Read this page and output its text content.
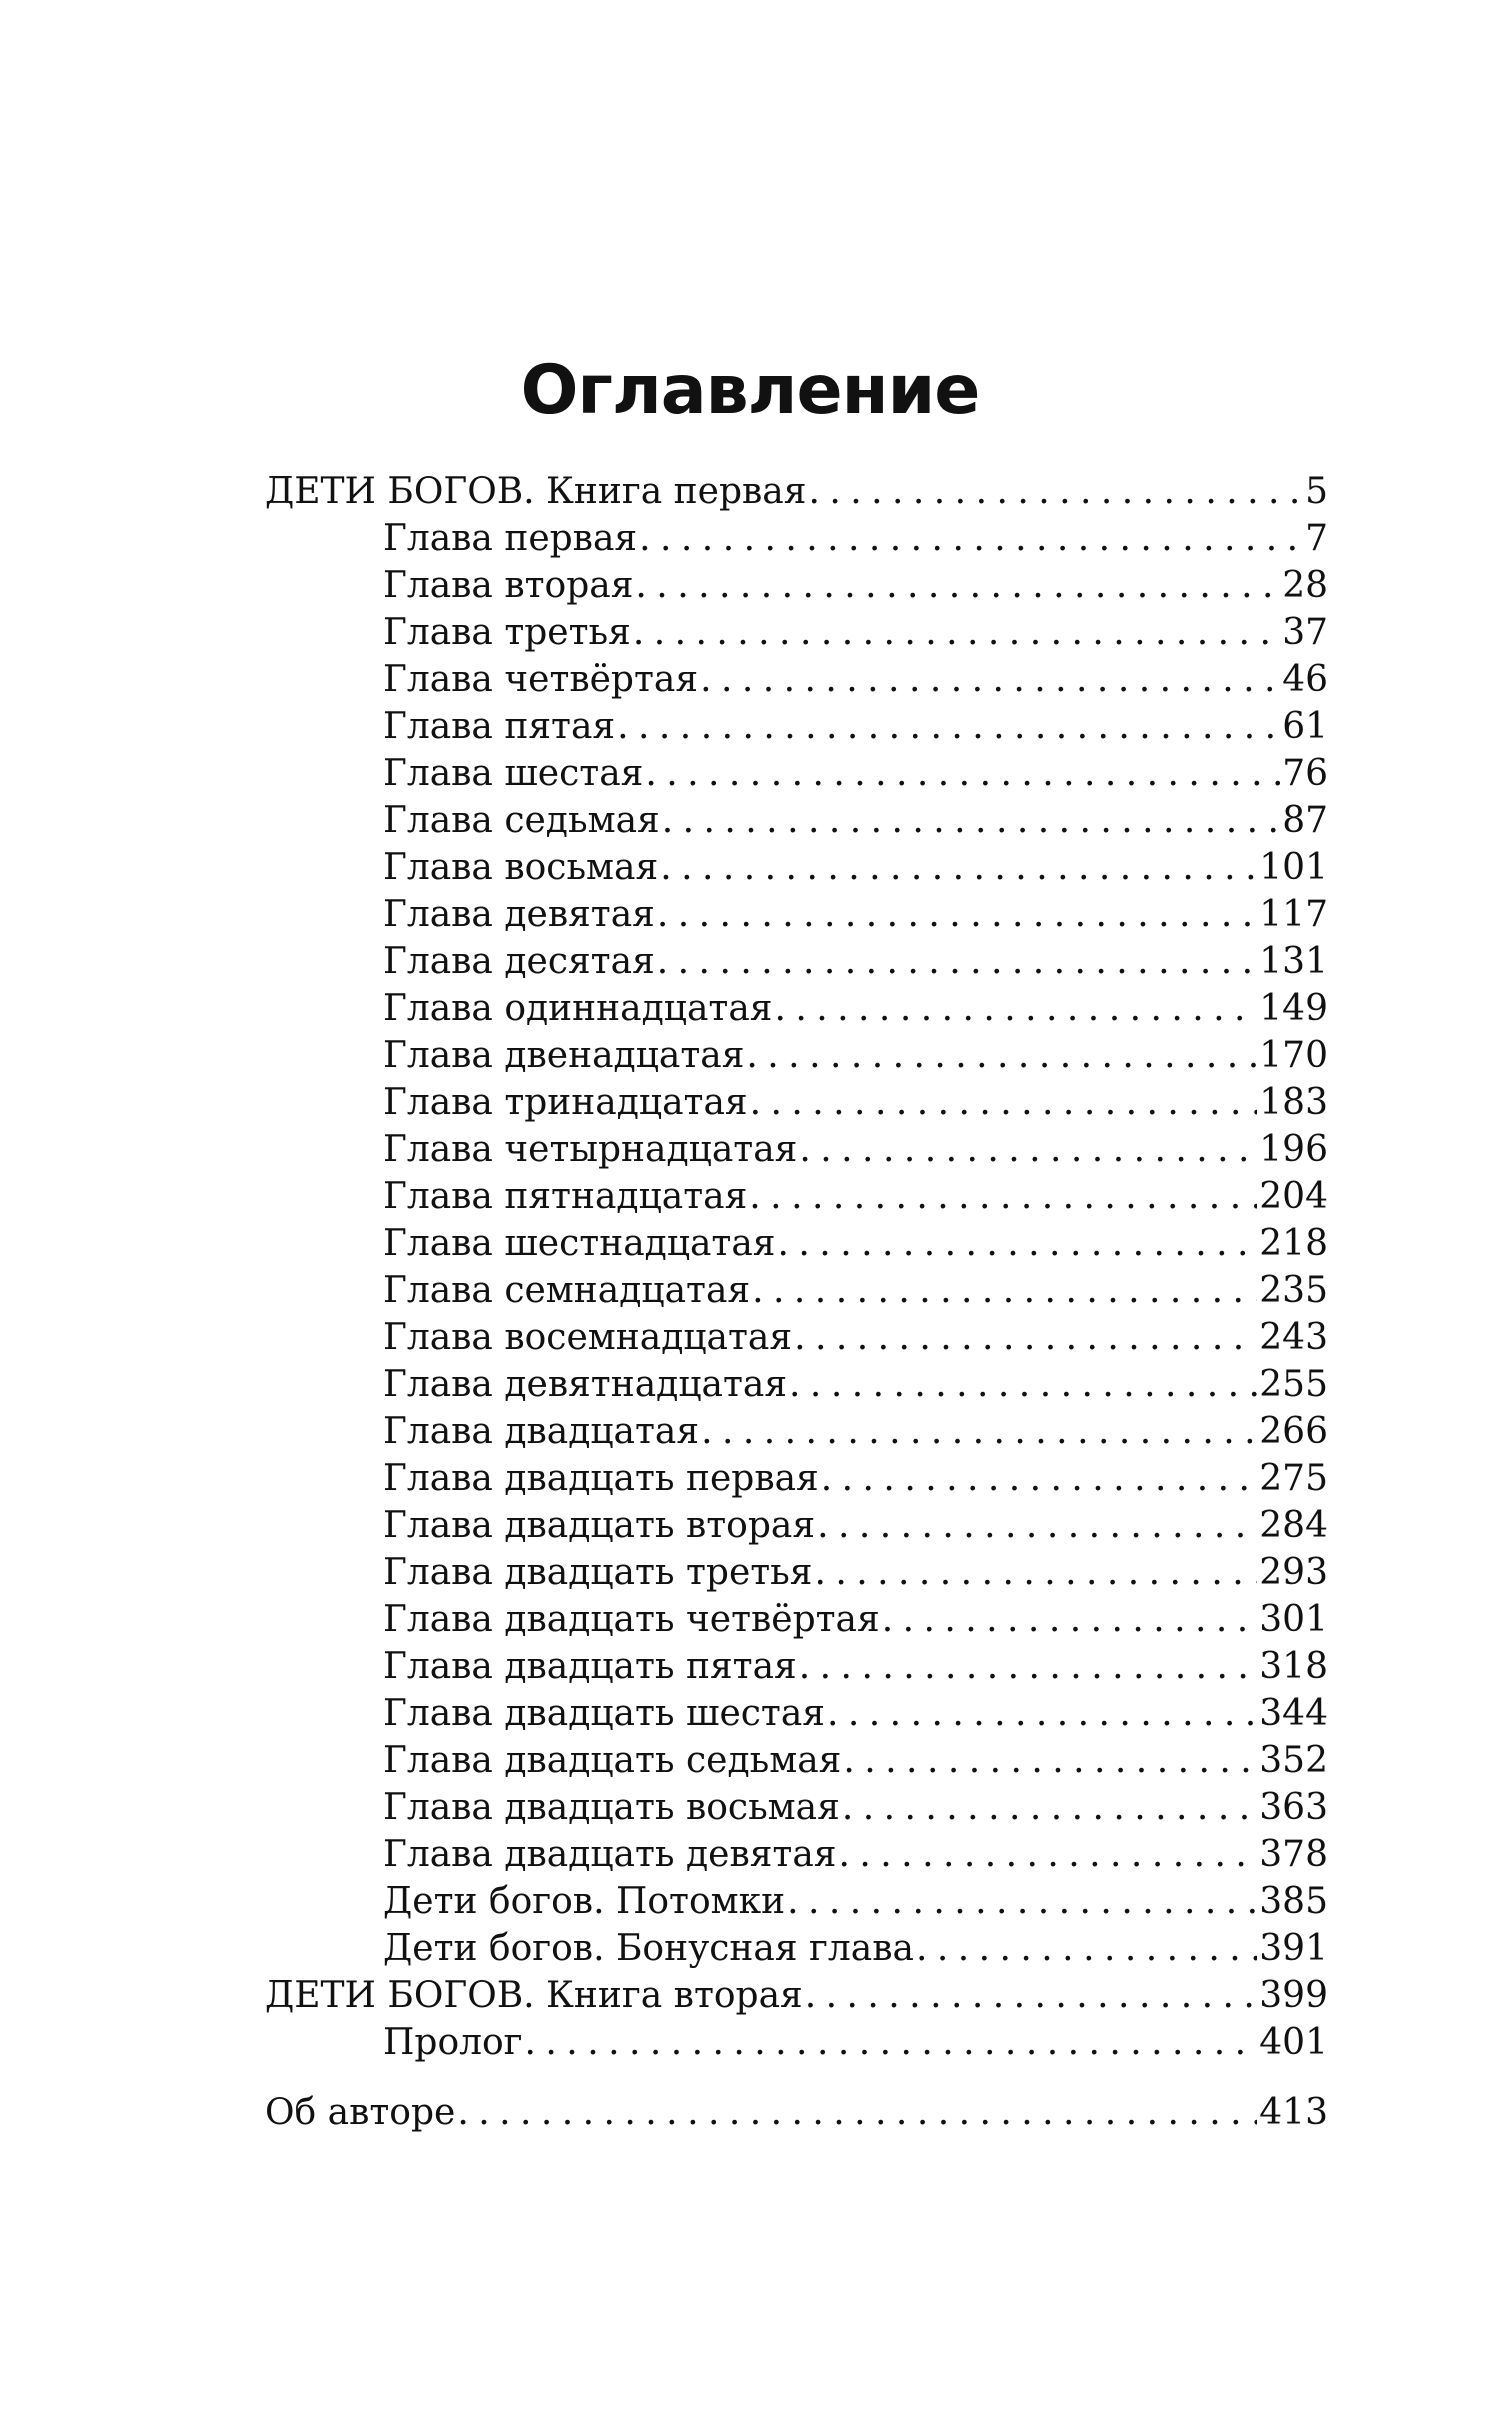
Оглавление
ДЕТИ БОГОВ. Книга первая . . .	5
Глава первая . . .	7
Глава вторая . . .	28
Глава третья . . .	37
Глава четвёртая . . .	46
Глава пятая . . .	61
Глава шестая . . .	76
Глава седьмая . . .	87
Глава восьмая . . .	101
Глава девятая . . .	117
Глава десятая . . .	131
Глава одиннадцатая . . .	149
Глава двенадцатая . . .	170
Глава тринадцатая . . .	183
Глава четырнадцатая . . .	196
Глава пятнадцатая . . .	204
Глава шестнадцатая . . .	218
Глава семнадцатая . . .	235
Глава восемнадцатая . . .	243
Глава девятнадцатая . . .	255
Глава двадцатая . . .	266
Глава двадцать первая . . .	275
Глава двадцать вторая . . .	284
Глава двадцать третья . . .	293
Глава двадцать четвёртая . . .	301
Глава двадцать пятая . . .	318
Глава двадцать шестая . . .	344
Глава двадцать седьмая . . .	352
Глава двадцать восьмая . . .	363
Глава двадцать девятая . . .	378
Дети богов. Потомки . . .	385
Дети богов. Бонусная глава . . .	391
ДЕТИ БОГОВ. Книга вторая . . .	399
Пролог . . .	401
Об авторе . . .	413
